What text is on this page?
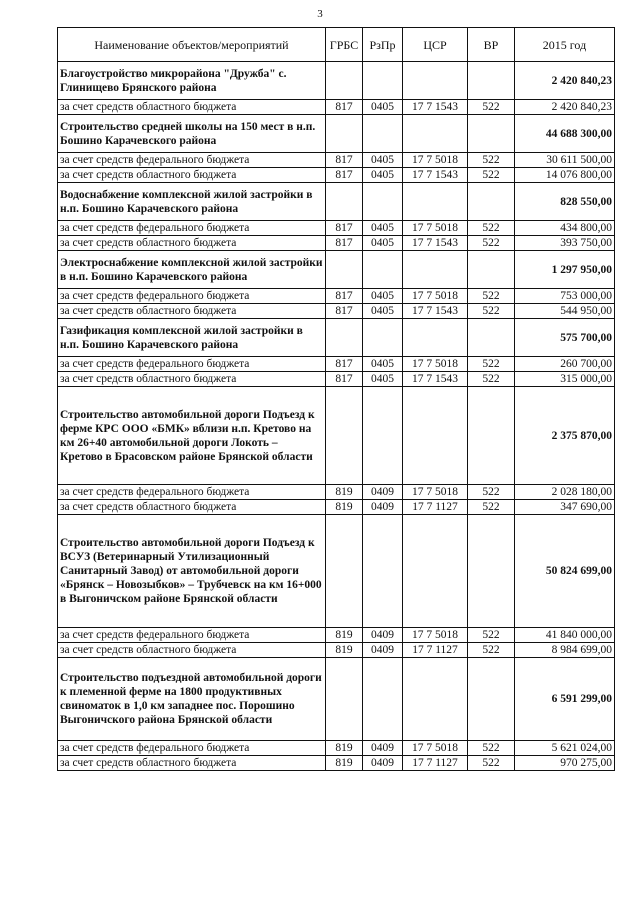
3
Наименование объектов/мероприятий	ГРБС	РзПр	ЦСР	ВР	2015 год
Благоустройство микрорайона "Дружба" с. Глинищево Брянского района					2 420 840,23
за счет средств областного бюджета	817	0405	17 7 1543	522	2 420 840,23
Строительство средней школы на 150 мест в н.п. Бошино Карачевского района					44 688 300,00
за счет средств федерального бюджета	817	0405	17 7 5018	522	30 611 500,00
за счет средств областного бюджета	817	0405	17 7 1543	522	14 076 800,00
Водоснабжение комплексной жилой застройки в н.п. Бошино Карачевского района					828 550,00
за счет средств федерального бюджета	817	0405	17 7 5018	522	434 800,00
за счет средств областного бюджета	817	0405	17 7 1543	522	393 750,00
Электроснабжение комплексной жилой застройки в н.п. Бошино Карачевского района					1 297 950,00
за счет средств федерального бюджета	817	0405	17 7 5018	522	753 000,00
за счет средств областного бюджета	817	0405	17 7 1543	522	544 950,00
Газификация комплексной жилой застройки в н.п. Бошино Карачевского района					575 700,00
за счет средств федерального бюджета	817	0405	17 7 5018	522	260 700,00
за счет средств областного бюджета	817	0405	17 7 1543	522	315 000,00
Строительство автомобильной дороги Подъезд к ферме КРС ООО «БМК» вблизи н.п. Кретово на км 26+40 автомобильной дороги Локоть – Кретово в Брасовском районе Брянской области					2 375 870,00
за счет средств федерального бюджета	819	0409	17 7 5018	522	2 028 180,00
за счет средств областного бюджета	819	0409	17 7 1127	522	347 690,00
Строительство автомобильной дороги Подъезд к ВСУЗ (Ветеринарный Утилизационный Санитарный Завод) от автомобильной дороги «Брянск – Новозыбков» – Трубчевск на км 16+000 в Выгоничском районе Брянской области					50 824 699,00
за счет средств федерального бюджета	819	0409	17 7 5018	522	41 840 000,00
за счет средств областного бюджета	819	0409	17 7 1127	522	8 984 699,00
Строительство подъездной автомобильной дороги к племенной ферме на 1800 продуктивных свиноматок в 1,0 км западнее пос. Порошино Выгоничского района Брянской области					6 591 299,00
за счет средств федерального бюджета	819	0409	17 7 5018	522	5 621 024,00
за счет средств областного бюджета	819	0409	17 7 1127	522	970 275,00
